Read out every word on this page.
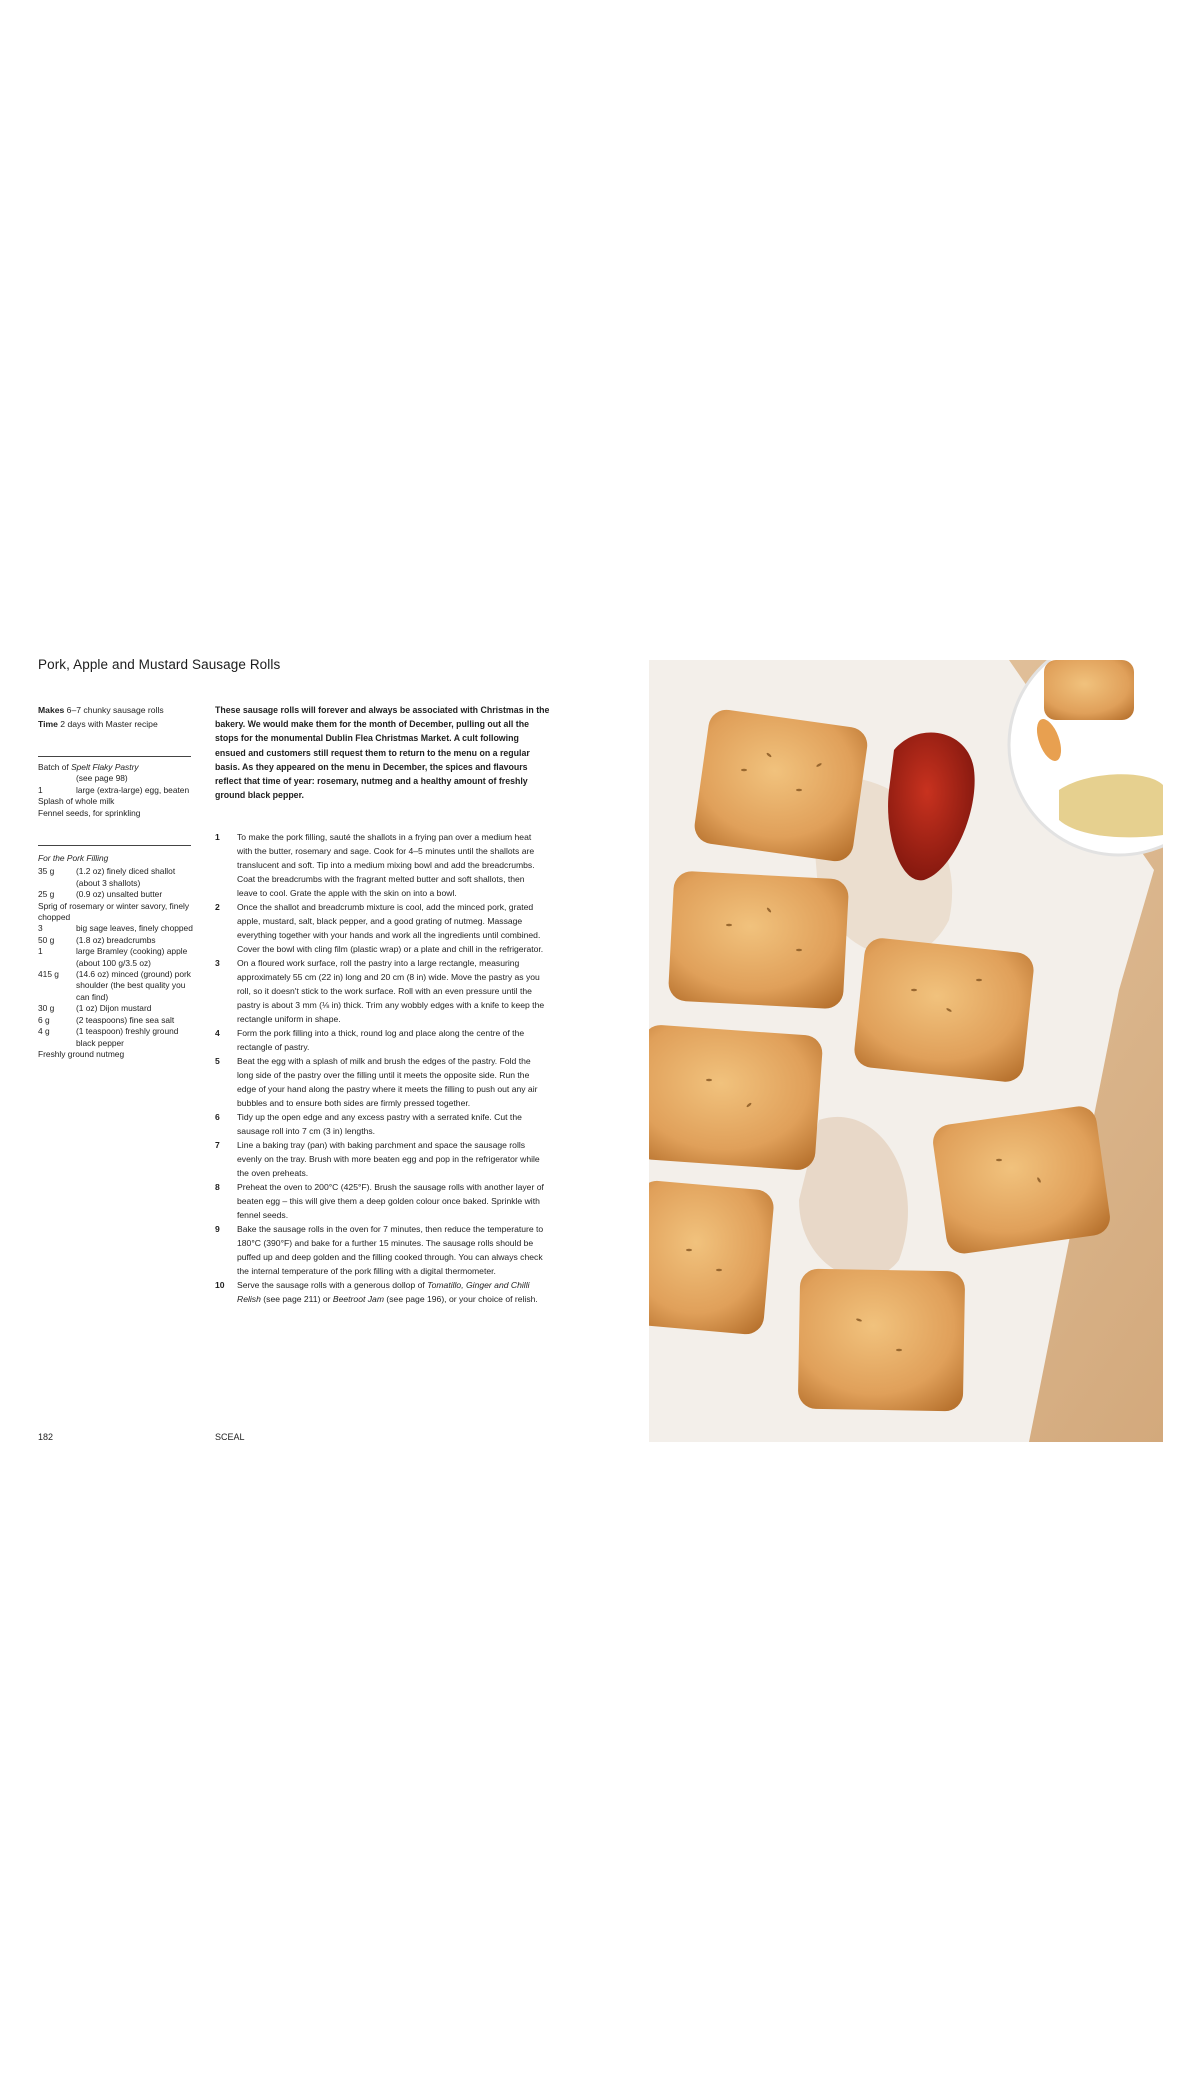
Pork, Apple and Mustard Sausage Rolls
Makes 6–7 chunky sausage rolls
Time 2 days with Master recipe
Batch of Spelt Flaky Pastry
(see page 98)
1	large (extra-large) egg, beaten
Splash of whole milk
Fennel seeds, for sprinkling
For the Pork Filling
35 g	(1.2 oz) finely diced shallot (about 3 shallots)
25 g	(0.9 oz) unsalted butter
Sprig of rosemary or winter savory, finely chopped
3	big sage leaves, finely chopped
50 g	(1.8 oz) breadcrumbs
1	large Bramley (cooking) apple (about 100 g/3.5 oz)
415 g	(14.6 oz) minced (ground) pork shoulder (the best quality you can find)
30 g	(1 oz) Dijon mustard
6 g	(2 teaspoons) fine sea salt
4 g	(1 teaspoon) freshly ground black pepper
Freshly ground nutmeg
These sausage rolls will forever and always be associated with Christmas in the bakery. We would make them for the month of December, pulling out all the stops for the monumental Dublin Flea Christmas Market. A cult following ensued and customers still request them to return to the menu on a regular basis. As they appeared on the menu in December, the spices and flavours reflect that time of year: rosemary, nutmeg and a healthy amount of freshly ground black pepper.
1	To make the pork filling, sauté the shallots in a frying pan over a medium heat with the butter, rosemary and sage. Cook for 4–5 minutes until the shallots are translucent and soft. Tip into a medium mixing bowl and add the breadcrumbs. Coat the breadcrumbs with the fragrant melted butter and soft shallots, then leave to cool. Grate the apple with the skin on into a bowl.
2	Once the shallot and breadcrumb mixture is cool, add the minced pork, grated apple, mustard, salt, black pepper, and a good grating of nutmeg. Massage everything together with your hands and work all the ingredients until combined. Cover the bowl with cling film (plastic wrap) or a plate and chill in the refrigerator.
3	On a floured work surface, roll the pastry into a large rectangle, measuring approximately 55 cm (22 in) long and 20 cm (8 in) wide. Move the pastry as you roll, so it doesn't stick to the work surface. Roll with an even pressure until the pastry is about 3 mm (⅛ in) thick. Trim any wobbly edges with a knife to keep the rectangle uniform in shape.
4	Form the pork filling into a thick, round log and place along the centre of the rectangle of pastry.
5	Beat the egg with a splash of milk and brush the edges of the pastry. Fold the long side of the pastry over the filling until it meets the opposite side. Run the edge of your hand along the pastry where it meets the filling to push out any air bubbles and to ensure both sides are firmly pressed together.
6	Tidy up the open edge and any excess pastry with a serrated knife. Cut the sausage roll into 7 cm (3 in) lengths.
7	Line a baking tray (pan) with baking parchment and space the sausage rolls evenly on the tray. Brush with more beaten egg and pop in the refrigerator while the oven preheats.
8	Preheat the oven to 200°C (425°F). Brush the sausage rolls with another layer of beaten egg – this will give them a deep golden colour once baked. Sprinkle with fennel seeds.
9	Bake the sausage rolls in the oven for 7 minutes, then reduce the temperature to 180°C (390°F) and bake for a further 15 minutes. The sausage rolls should be puffed up and deep golden and the filling cooked through. You can always check the internal temperature of the pork filling with a digital thermometer.
10	Serve the sausage rolls with a generous dollop of Tomatillo, Ginger and Chilli Relish (see page 211) or Beetroot Jam (see page 196), or your choice of relish.
182	SCEAL
